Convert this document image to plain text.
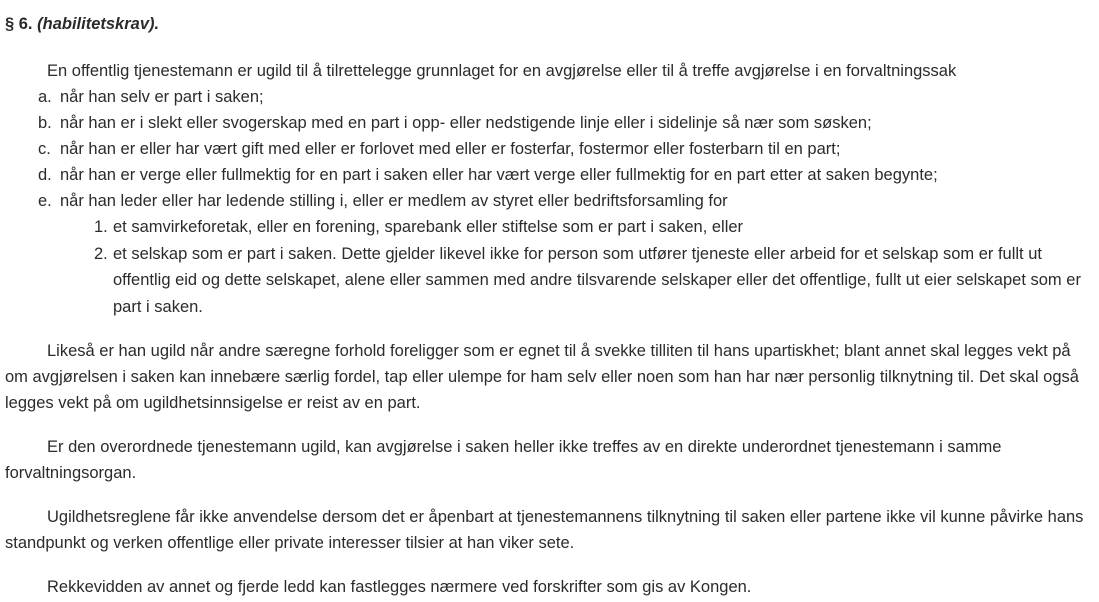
§ 6. (habilitetskrav).

En offentlig tjenestemann er ugild til å tilrettelegge grunnlaget for en avgjørelse eller til å treffe avgjørelse i en forvaltningssak

a. når han selv er part i saken;
b. når han er i slekt eller svogerskap med en part i opp- eller nedstigende linje eller i sidelinje så nær som søsken;
c. når han er eller har vært gift med eller er forlovet med eller er fosterfar, fostermor eller fosterbarn til en part;
d. når han er verge eller fullmektig for en part i saken eller har vært verge eller fullmektig for en part etter at saken begynte;
e. når han leder eller har ledende stilling i, eller er medlem av styret eller bedriftsforsamling for
1. et samvirkeforetak, eller en forening, sparebank eller stiftelse som er part i saken, eller
2. et selskap som er part i saken. Dette gjelder likevel ikke for person som utfører tjeneste eller arbeid for et selskap som er fullt ut offentlig eid og dette selskapet, alene eller sammen med andre tilsvarende selskaper eller det offentlige, fullt ut eier selskapet som er part i saken.

Likeså er han ugild når andre særegne forhold foreligger som er egnet til å svekke tilliten til hans upartiskhet; blant annet skal legges vekt på om avgjørelsen i saken kan innebære særlig fordel, tap eller ulempe for ham selv eller noen som han har nær personlig tilknytning til. Det skal også legges vekt på om ugildhetsinnsigelse er reist av en part.

Er den overordnede tjenestemann ugild, kan avgjørelse i saken heller ikke treffes av en direkte underordnet tjenestemann i samme forvaltningsorgan.

Ugildhetsreglene får ikke anvendelse dersom det er åpenbart at tjenestemannens tilknytning til saken eller partene ikke vil kunne påvirke hans standpunkt og verken offentlige eller private interesser tilsier at han viker sete.

Rekkevidden av annet og fjerde ledd kan fastlegges nærmere ved forskrifter som gis av Kongen.
